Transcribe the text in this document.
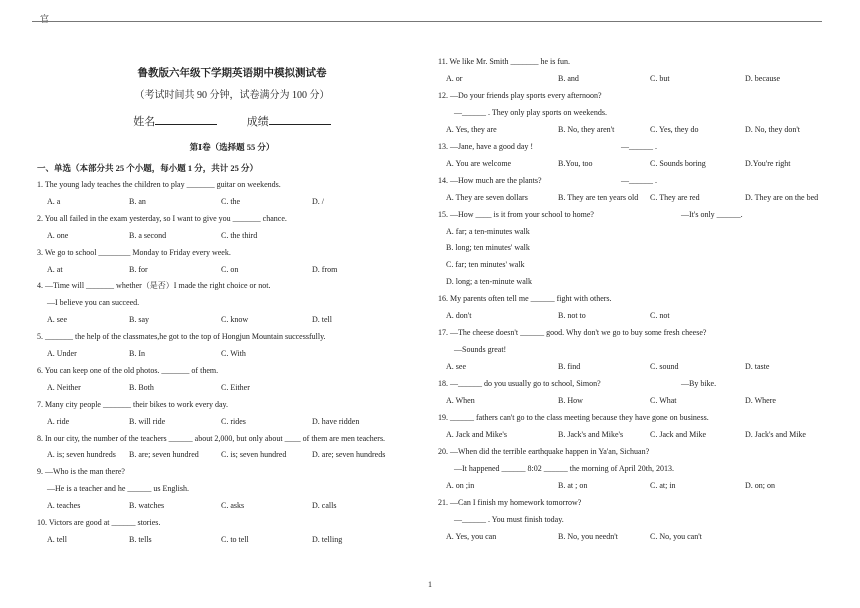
官
鲁教版六年级下学期英语期中模拟测试卷
（考试时间共 90 分钟，试卷满分为 100 分）
姓名	成绩
第Ⅰ卷（选择题 55 分）
一、单选（本部分共 25 个小题，每小题 1 分，共计 25 分）
1. The young lady teaches the children to play _______ guitar on weekends.
A. a	B. an	C. the	D. /
2. You all failed in the exam yesterday, so I want to give you _______ chance.
A. one	B. a second	C. the third
3. We go to school ________ Monday to Friday every week.
A. at	B. for	C. on	D. from
4. —Time will _______ whether（是否）I made the right choice or not.
—I believe you can succeed.
A. see	B. say	C. know	D. tell
5. _______ the help of the classmates,he got to the top of Hongjun Mountain successfully.
A. Under	B. In	C. With
6. You can keep one of the old photos. _______ of them.
A. Neither	B. Both	C. Either
7. Many city people _______ their bikes to work every day.
A. ride	B. will ride	C. rides	D. have ridden
8. In our city, the number of the teachers ______ about 2,000, but only about ____ of them are men teachers.
A. is; seven hundreds B. are; seven hundred	C. is; seven hundred	D. are; seven hundreds
9. —Who is the man there?
—He is a teacher and he ______ us English.
A. teaches	B. watches	C. asks	D. calls
10. Victors are good at ______ stories.
A. tell	B. tells	C. to tell	D. telling
11. We like Mr. Smith _______ he is fun.
A. or	B. and	C. but	D. because
12. —Do your friends play sports every afternoon?
—______ . They only play sports on weekends.
A. Yes, they are	B. No, they aren't	C. Yes, they do	D. No, they don't
13. —Jane, have a good day !	—______ .
A. You are welcome	B.You, too	C. Sounds boring	D.You're right
14. —How much are the plants?	—______ .
A. They are seven dollars	B. They are ten years old C. They are red	D. They are on the bed
15. —How ____ is it from your school to home?	—It's only ______.
A. far; a ten-minutes walk
B. long; ten minutes' walk
C. far; ten minutes' walk
D. long; a ten-minute walk
16. My parents often tell me ______ fight with others.
A. don't	B. not to	C. not
17. —The cheese doesn't ______ good. Why don't we go to buy some fresh cheese?
—Sounds great!
A. see	B. find	C. sound	D. taste
18. —______ do you usually go to school, Simon?	—By bike.
A. When	B. How	C. What	D. Where
19. ______ fathers can't go to the class meeting because they have gone on business.
A. Jack and Mike's	B. Jack's and Mike's	C. Jack and Mike	D. Jack's and Mike
20. —When did the terrible earthquake happen in Ya'an, Sichuan?
—It happened ______ 8:02 ______ the morning of April 20th, 2013.
A. on ;in	B. at ; on	C. at; in	D. on; on
21. —Can I finish my homework tomorrow?
—______ . You must finish today.
A. Yes, you can	B. No, you needn't	C. No, you can't
1
